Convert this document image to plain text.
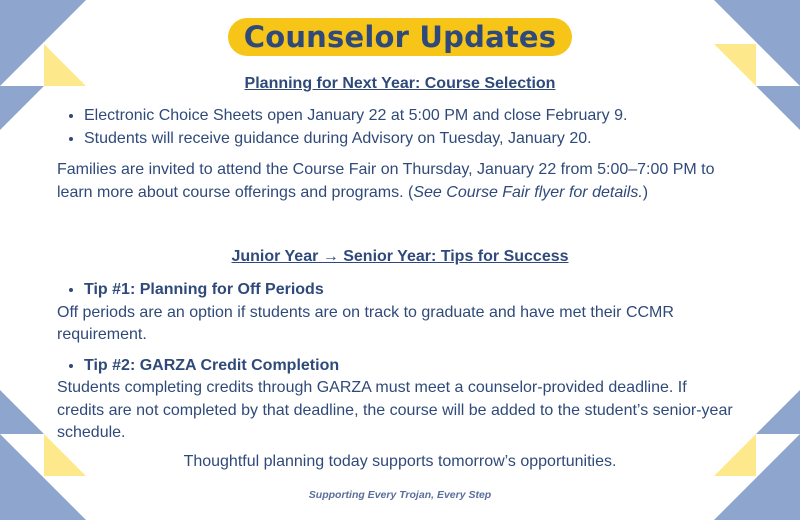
Counselor Updates
Planning for Next Year: Course Selection
• Electronic Choice Sheets open January 22 at 5:00 PM and close February 9.
• Students will receive guidance during Advisory on Tuesday, January 20.

Families are invited to attend the Course Fair on Thursday, January 22 from 5:00–7:00 PM to learn more about course offerings and programs. (See Course Fair flyer for details.)

Junior Year → Senior Year: Tips for Success
• Tip #1: Planning for Off Periods

Off periods are an option if students are on track to graduate and have met their CCMR requirement.

• Tip #2: GARZA Credit Completion

Students completing credits through GARZA must meet a counselor-provided deadline. If credits are not completed by that deadline, the course will be added to the student’s senior-year schedule.

Thoughtful planning today supports tomorrow’s opportunities.
Supporting Every Trojan, Every Step
